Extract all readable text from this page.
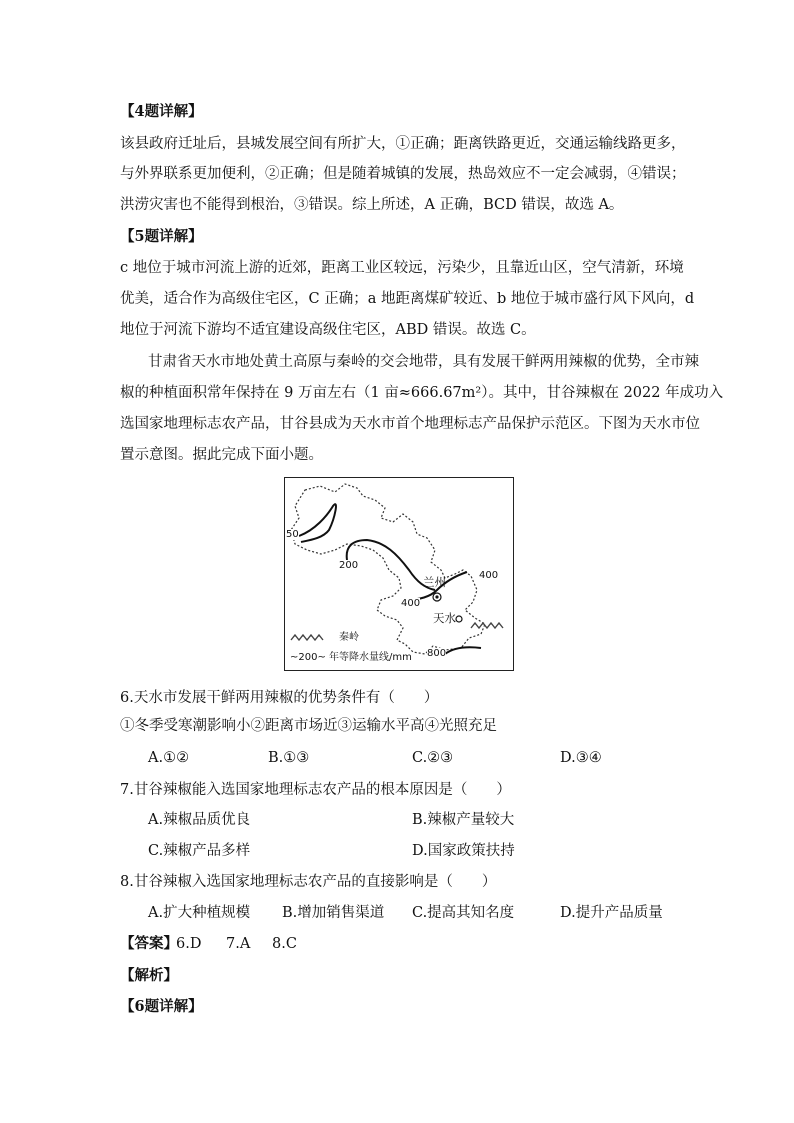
【4题详解】
该县政府迁址后，县城发展空间有所扩大，①正确；距离铁路更近，交通运输线路更多，
与外界联系更加便利，②正确；但是随着城镇的发展，热岛效应不一定会减弱，④错误；
洪涝灾害也不能得到根治，③错误。综上所述，A 正确，BCD 错误，故选 A。
【5题详解】
c 地位于城市河流上游的近郊，距离工业区较远，污染少，且靠近山区，空气清新，环境
优美，适合作为高级住宅区，C 正确；a 地距离煤矿较近、b 地位于城市盛行风下风向，d
地位于河流下游均不适宜建设高级住宅区，ABD 错误。故选 C。
甘肃省天水市地处黄土高原与秦岭的交会地带，具有发展干鲜两用辣椒的优势，全市辣
椒的种植面积常年保持在 9 万亩左右（1 亩≈666.67m²）。其中，甘谷辣椒在 2022 年成功入
选国家地理标志农产品，甘谷县成为天水市首个地理标志产品保护示范区。下图为天水市位
置示意图。据此完成下面小题。
50
200
400
400
800
兰州
天水
秦岭
~200~ 年等降水量线/mm
6.天水市发展干鲜两用辣椒的优势条件有（　　）
①冬季受寒潮影响小②距离市场近③运输水平高④光照充足
A.①②	B.①③	C.②③	D.③④
7.甘谷辣椒能入选国家地理标志农产品的根本原因是（　　）
A.辣椒品质优良	B.辣椒产量较大
C.辣椒产品多样	D.国家政策扶持
8.甘谷辣椒入选国家地理标志农产品的直接影响是（　　）
A.扩大种植规模 B.增加销售渠道 C.提高其知名度	D.提升产品质量
【答案】
6.D 7.A 8.C
【解析】
【6题详解】
